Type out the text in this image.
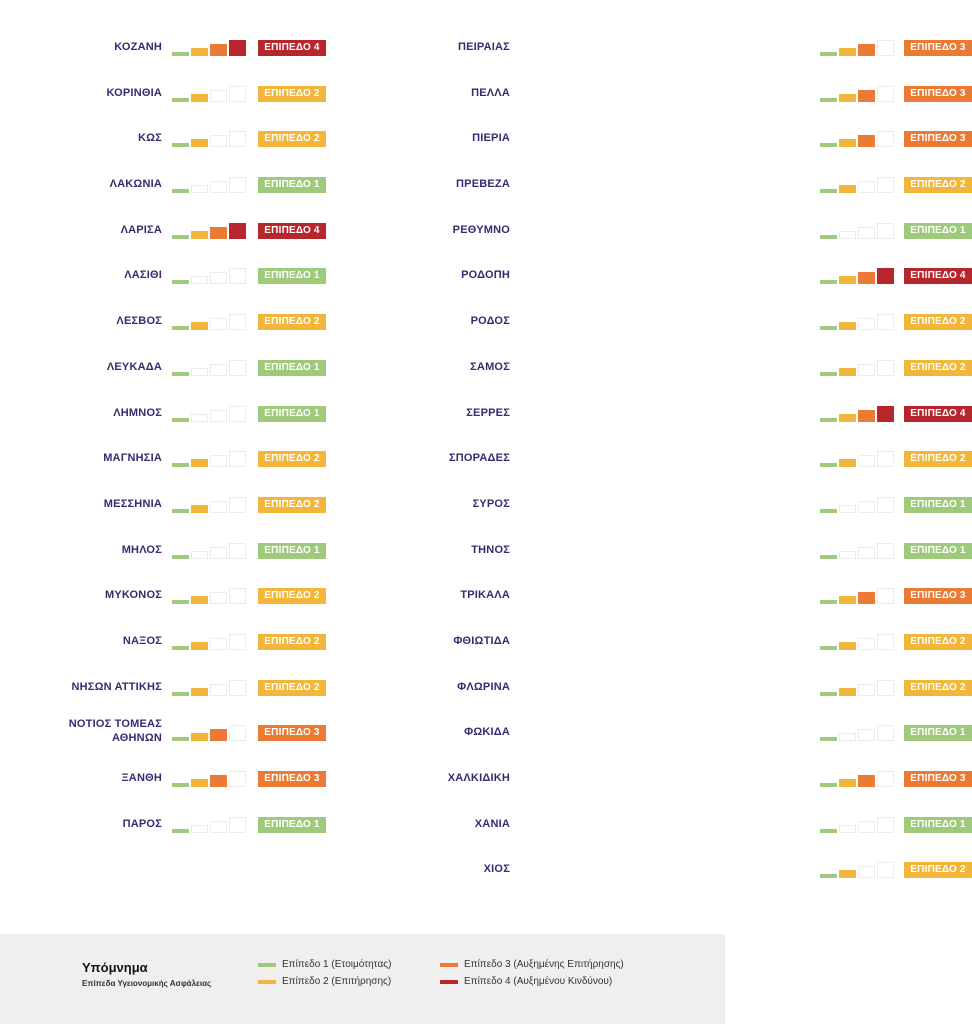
ΚΟΖΑΝΗ	ΕΠΙΠΕΔΟ 4
ΚΟΡΙΝΘΙΑ	ΕΠΙΠΕΔΟ 2
ΚΩΣ	ΕΠΙΠΕΔΟ 2
ΛΑΚΩΝΙΑ	ΕΠΙΠΕΔΟ 1
ΛΑΡΙΣΑ	ΕΠΙΠΕΔΟ 4
ΛΑΣΙΘΙ	ΕΠΙΠΕΔΟ 1
ΛΕΣΒΟΣ	ΕΠΙΠΕΔΟ 2
ΛΕΥΚΑΔΑ	ΕΠΙΠΕΔΟ 1
ΛΗΜΝΟΣ	ΕΠΙΠΕΔΟ 1
ΜΑΓΝΗΣΙΑ	ΕΠΙΠΕΔΟ 2
ΜΕΣΣΗΝΙΑ	ΕΠΙΠΕΔΟ 2
ΜΗΛΟΣ	ΕΠΙΠΕΔΟ 1
ΜΥΚΟΝΟΣ	ΕΠΙΠΕΔΟ 2
ΝΑΞΟΣ	ΕΠΙΠΕΔΟ 2
ΝΗΣΩΝ ΑΤΤΙΚΗΣ	ΕΠΙΠΕΔΟ 2
ΝΟΤΙΟΣ ΤΟΜΕΑΣ
ΑΘΗΝΩΝ	ΕΠΙΠΕΔΟ 3
ΞΑΝΘΗ	ΕΠΙΠΕΔΟ 3
ΠΑΡΟΣ	ΕΠΙΠΕΔΟ 1
ΠΕΙΡΑΙΑΣ	ΕΠΙΠΕΔΟ 3
ΠΕΛΛΑ	ΕΠΙΠΕΔΟ 3
ΠΙΕΡΙΑ	ΕΠΙΠΕΔΟ 3
ΠΡΕΒΕΖΑ	ΕΠΙΠΕΔΟ 2
ΡΕΘΥΜΝΟ	ΕΠΙΠΕΔΟ 1
ΡΟΔΟΠΗ	ΕΠΙΠΕΔΟ 4
ΡΟΔΟΣ	ΕΠΙΠΕΔΟ 2
ΣΑΜΟΣ	ΕΠΙΠΕΔΟ 2
ΣΕΡΡΕΣ	ΕΠΙΠΕΔΟ 4
ΣΠΟΡΑΔΕΣ	ΕΠΙΠΕΔΟ 2
ΣΥΡΟΣ	ΕΠΙΠΕΔΟ 1
ΤΗΝΟΣ	ΕΠΙΠΕΔΟ 1
ΤΡΙΚΑΛΑ	ΕΠΙΠΕΔΟ 3
ΦΘΙΩΤΙΔΑ	ΕΠΙΠΕΔΟ 2
ΦΛΩΡΙΝΑ	ΕΠΙΠΕΔΟ 2
ΦΩΚΙΔΑ	ΕΠΙΠΕΔΟ 1
ΧΑΛΚΙΔΙΚΗ	ΕΠΙΠΕΔΟ 3
ΧΑΝΙΑ	ΕΠΙΠΕΔΟ 1
ΧΙΟΣ	ΕΠΙΠΕΔΟ 2
Υπόμνημα
Επίπεδα Υγειονομικής Ασφάλειας
Επίπεδο 1 (Ετοιμότητας)
Επίπεδο 2 (Επιτήρησης)
Επίπεδο 3 (Αυξημένης Επιτήρησης)
Επίπεδο 4 (Αυξημένου Κινδύνου)
